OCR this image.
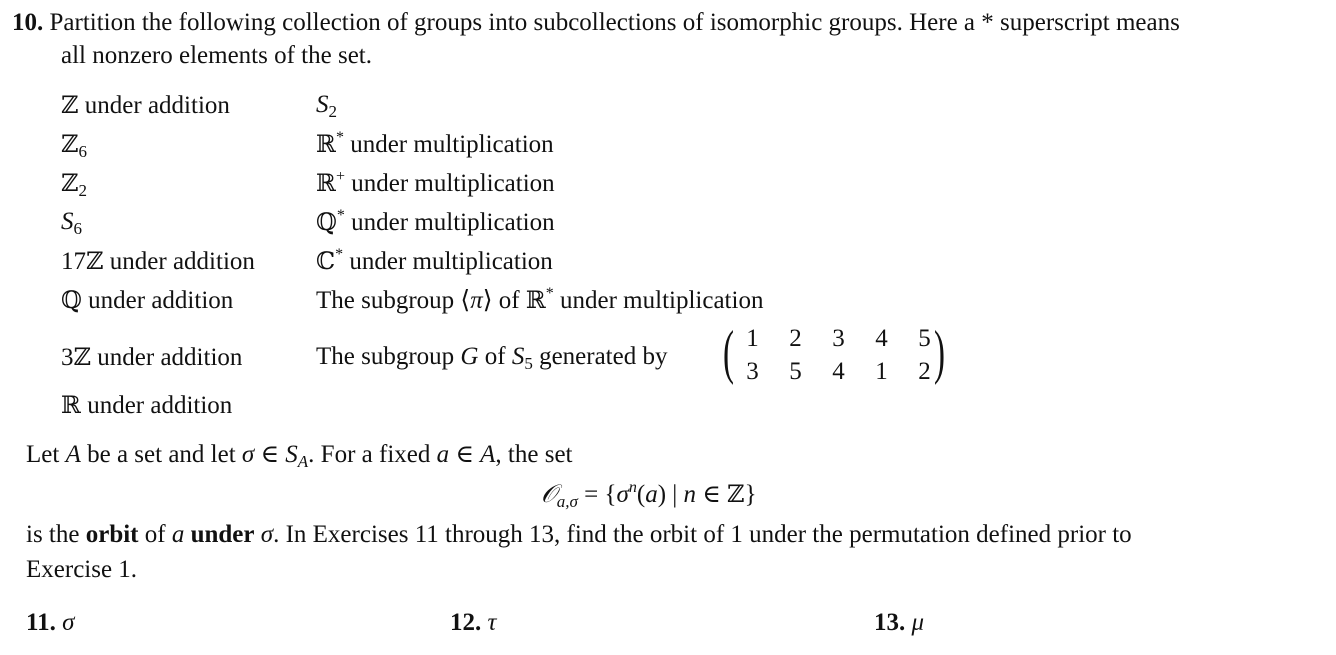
10. Partition the following collection of groups into subcollections of isomorphic groups. Here a * superscript means
all nonzero elements of the set.
ℤ under addition
ℤ$_6$
ℤ$_2$
$S_6$
17ℤ under addition
ℚ under addition
3ℤ under addition
ℝ under addition
$S_2$
ℝ* under multiplication
ℝ+ under multiplication
ℚ* under multiplication
ℂ* under multiplication
The subgroup ⟨π⟩ of ℝ* under multiplication
The subgroup G of $S_5$ generated by ( 1 2 3 4 5
3 5 4 1 2 )
Let A be a set and let σ ∈ $S_A$. For a fixed a ∈ A, the set
𝒪$_{a,\sigma}$ = {$\sigma^n(a)$ | n ∈ ℤ}
is the orbit of a under σ. In Exercises 11 through 13, find the orbit of 1 under the permutation defined prior to
Exercise 1.
11. σ	12. τ	13. μ
